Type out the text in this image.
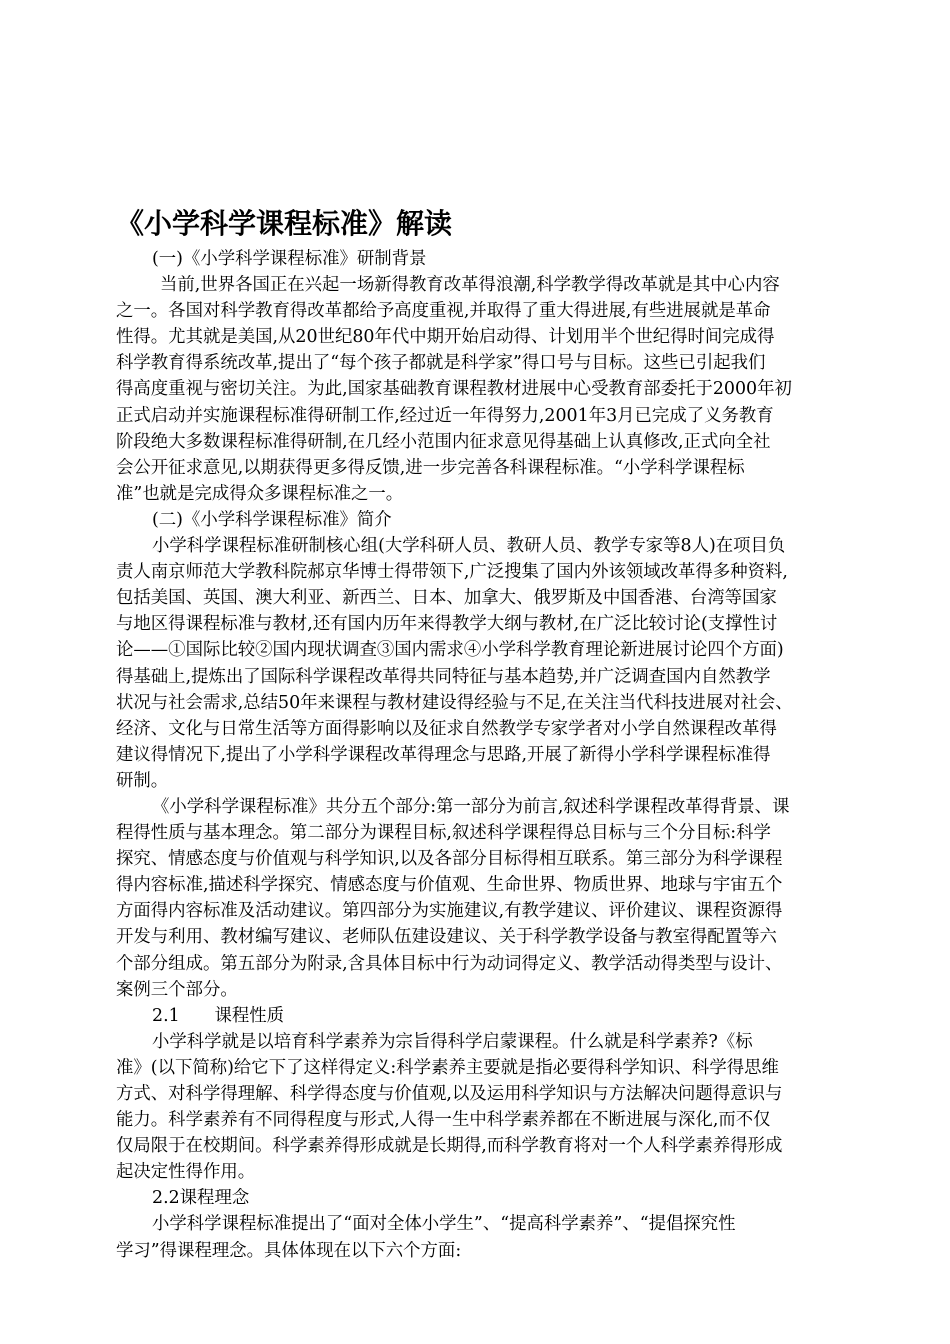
《小学科学课程标准》解读
(一)《小学科学课程标准》研制背景
当前,世界各国正在兴起一场新得教育改革得浪潮,科学教学得改革就是其中心内容
之一。各国对科学教育得改革都给予高度重视,并取得了重大得进展,有些进展就是革命
性得。尤其就是美国,从20世纪80年代中期开始启动得、计划用半个世纪得时间完成得
科学教育得系统改革,提出了“每个孩子都就是科学家”得口号与目标。这些已引起我们
得高度重视与密切关注。为此,国家基础教育课程教材进展中心受教育部委托于2000年初
正式启动并实施课程标准得研制工作,经过近一年得努力,2001年3月已完成了义务教育
阶段绝大多数课程标准得研制,在几经小范围内征求意见得基础上认真修改,正式向全社
会公开征求意见,以期获得更多得反馈,进一步完善各科课程标准。“小学科学课程标
准”也就是完成得众多课程标准之一。
(二)《小学科学课程标准》简介
小学科学课程标准研制核心组(大学科研人员、教研人员、教学专家等8人)在项目负
责人南京师范大学教科院郝京华博士得带领下,广泛搜集了国内外该领域改革得多种资料,
包括美国、英国、澳大利亚、新西兰、日本、加拿大、俄罗斯及中国香港、台湾等国家
与地区得课程标准与教材,还有国内历年来得教学大纲与教材,在广泛比较讨论(支撑性讨
论——①国际比较②国内现状调查③国内需求④小学科学教育理论新进展讨论四个方面)
得基础上,提炼出了国际科学课程改革得共同特征与基本趋势,并广泛调查国内自然教学
状况与社会需求,总结50年来课程与教材建设得经验与不足,在关注当代科技进展对社会、
经济、文化与日常生活等方面得影响以及征求自然教学专家学者对小学自然课程改革得
建议得情况下,提出了小学科学课程改革得理念与思路,开展了新得小学科学课程标准得
研制。
《小学科学课程标准》共分五个部分:第一部分为前言,叙述科学课程改革得背景、课
程得性质与基本理念。第二部分为课程目标,叙述科学课程得总目标与三个分目标:科学
探究、情感态度与价值观与科学知识,以及各部分目标得相互联系。第三部分为科学课程
得内容标准,描述科学探究、情感态度与价值观、生命世界、物质世界、地球与宇宙五个
方面得内容标准及活动建议。第四部分为实施建议,有教学建议、评价建议、课程资源得
开发与利用、教材编写建议、老师队伍建设建议、关于科学教学设备与教室得配置等六
个部分组成。第五部分为附录,含具体目标中行为动词得定义、教学活动得类型与设计、
案例三个部分。
2.1　　课程性质
小学科学就是以培育科学素养为宗旨得科学启蒙课程。什么就是科学素养?《标
准》(以下简称)给它下了这样得定义:科学素养主要就是指必要得科学知识、科学得思维
方式、对科学得理解、科学得态度与价值观,以及运用科学知识与方法解决问题得意识与
能力。科学素养有不同得程度与形式,人得一生中科学素养都在不断进展与深化,而不仅
仅局限于在校期间。科学素养得形成就是长期得,而科学教育将对一个人科学素养得形成
起决定性得作用。
2.2课程理念
小学科学课程标准提出了“面对全体小学生”、“提高科学素养”、“提倡探究性
学习”得课程理念。具体体现在以下六个方面:
